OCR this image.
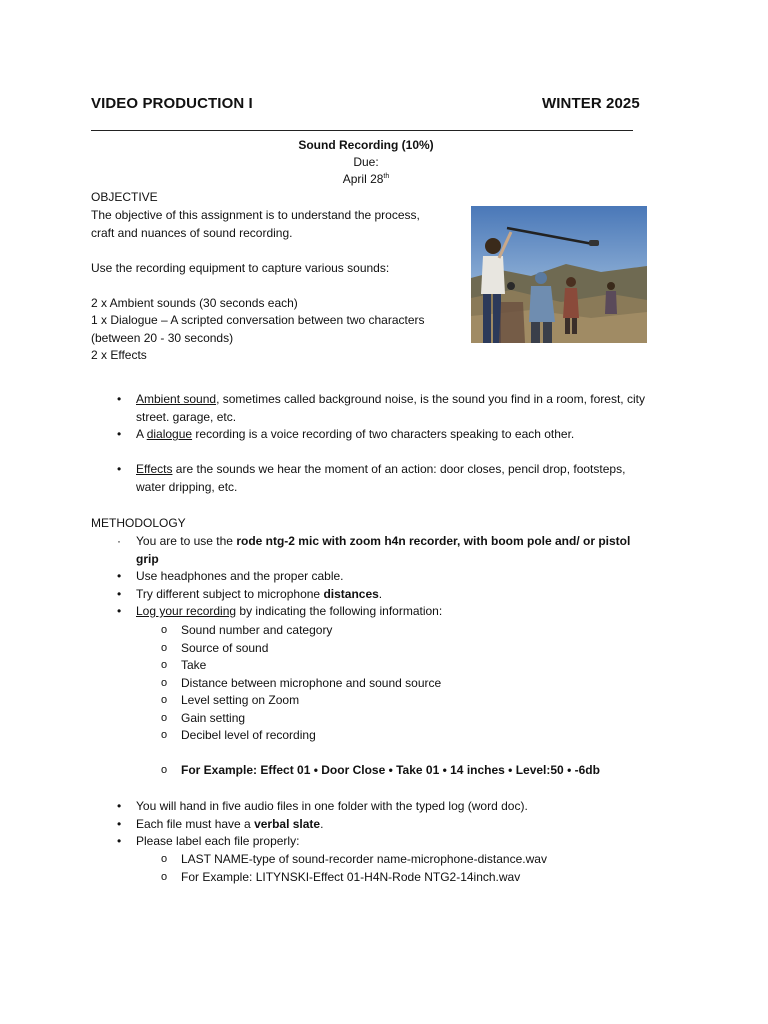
VIDEO PRODUCTION I	WINTER 2025
Sound Recording (10%)
Due:
April 28th
OBJECTIVE
The objective of this assignment is to understand the process,
craft and nuances of sound recording.
Use the recording equipment to capture various sounds:
2 x Ambient sounds (30 seconds each)
1 x Dialogue – A scripted conversation between two characters
(between 20 - 30 seconds)
2 x Effects
• Ambient sound, sometimes called background noise, is the sound you find in a room, forest, city
street. garage, etc.
• A dialogue recording is a voice recording of two characters speaking to each other.
• Effects are the sounds we hear the moment of an action: door closes, pencil drop, footsteps,
water dripping, etc.
METHODOLOGY
· You are to use the rode ntg-2 mic with zoom h4n recorder, with boom pole and/ or pistol
grip
• Use headphones and the proper cable.
• Try different subject to microphone distances.
• Log your recording by indicating the following information:
o Sound number and category
o Source of sound
o Take
o Distance between microphone and sound source
o Level setting on Zoom
o Gain setting
o Decibel level of recording
o For Example: Effect 01 • Door Close • Take 01 • 14 inches • Level:50 • -6db
• You will hand in five audio files in one folder with the typed log (word doc).
• Each file must have a verbal slate.
• Please label each file properly:
o LAST NAME-type of sound-recorder name-microphone-distance.wav
o For Example: LITYNSKI-Effect 01-H4N-Rode NTG2-14inch.wav
